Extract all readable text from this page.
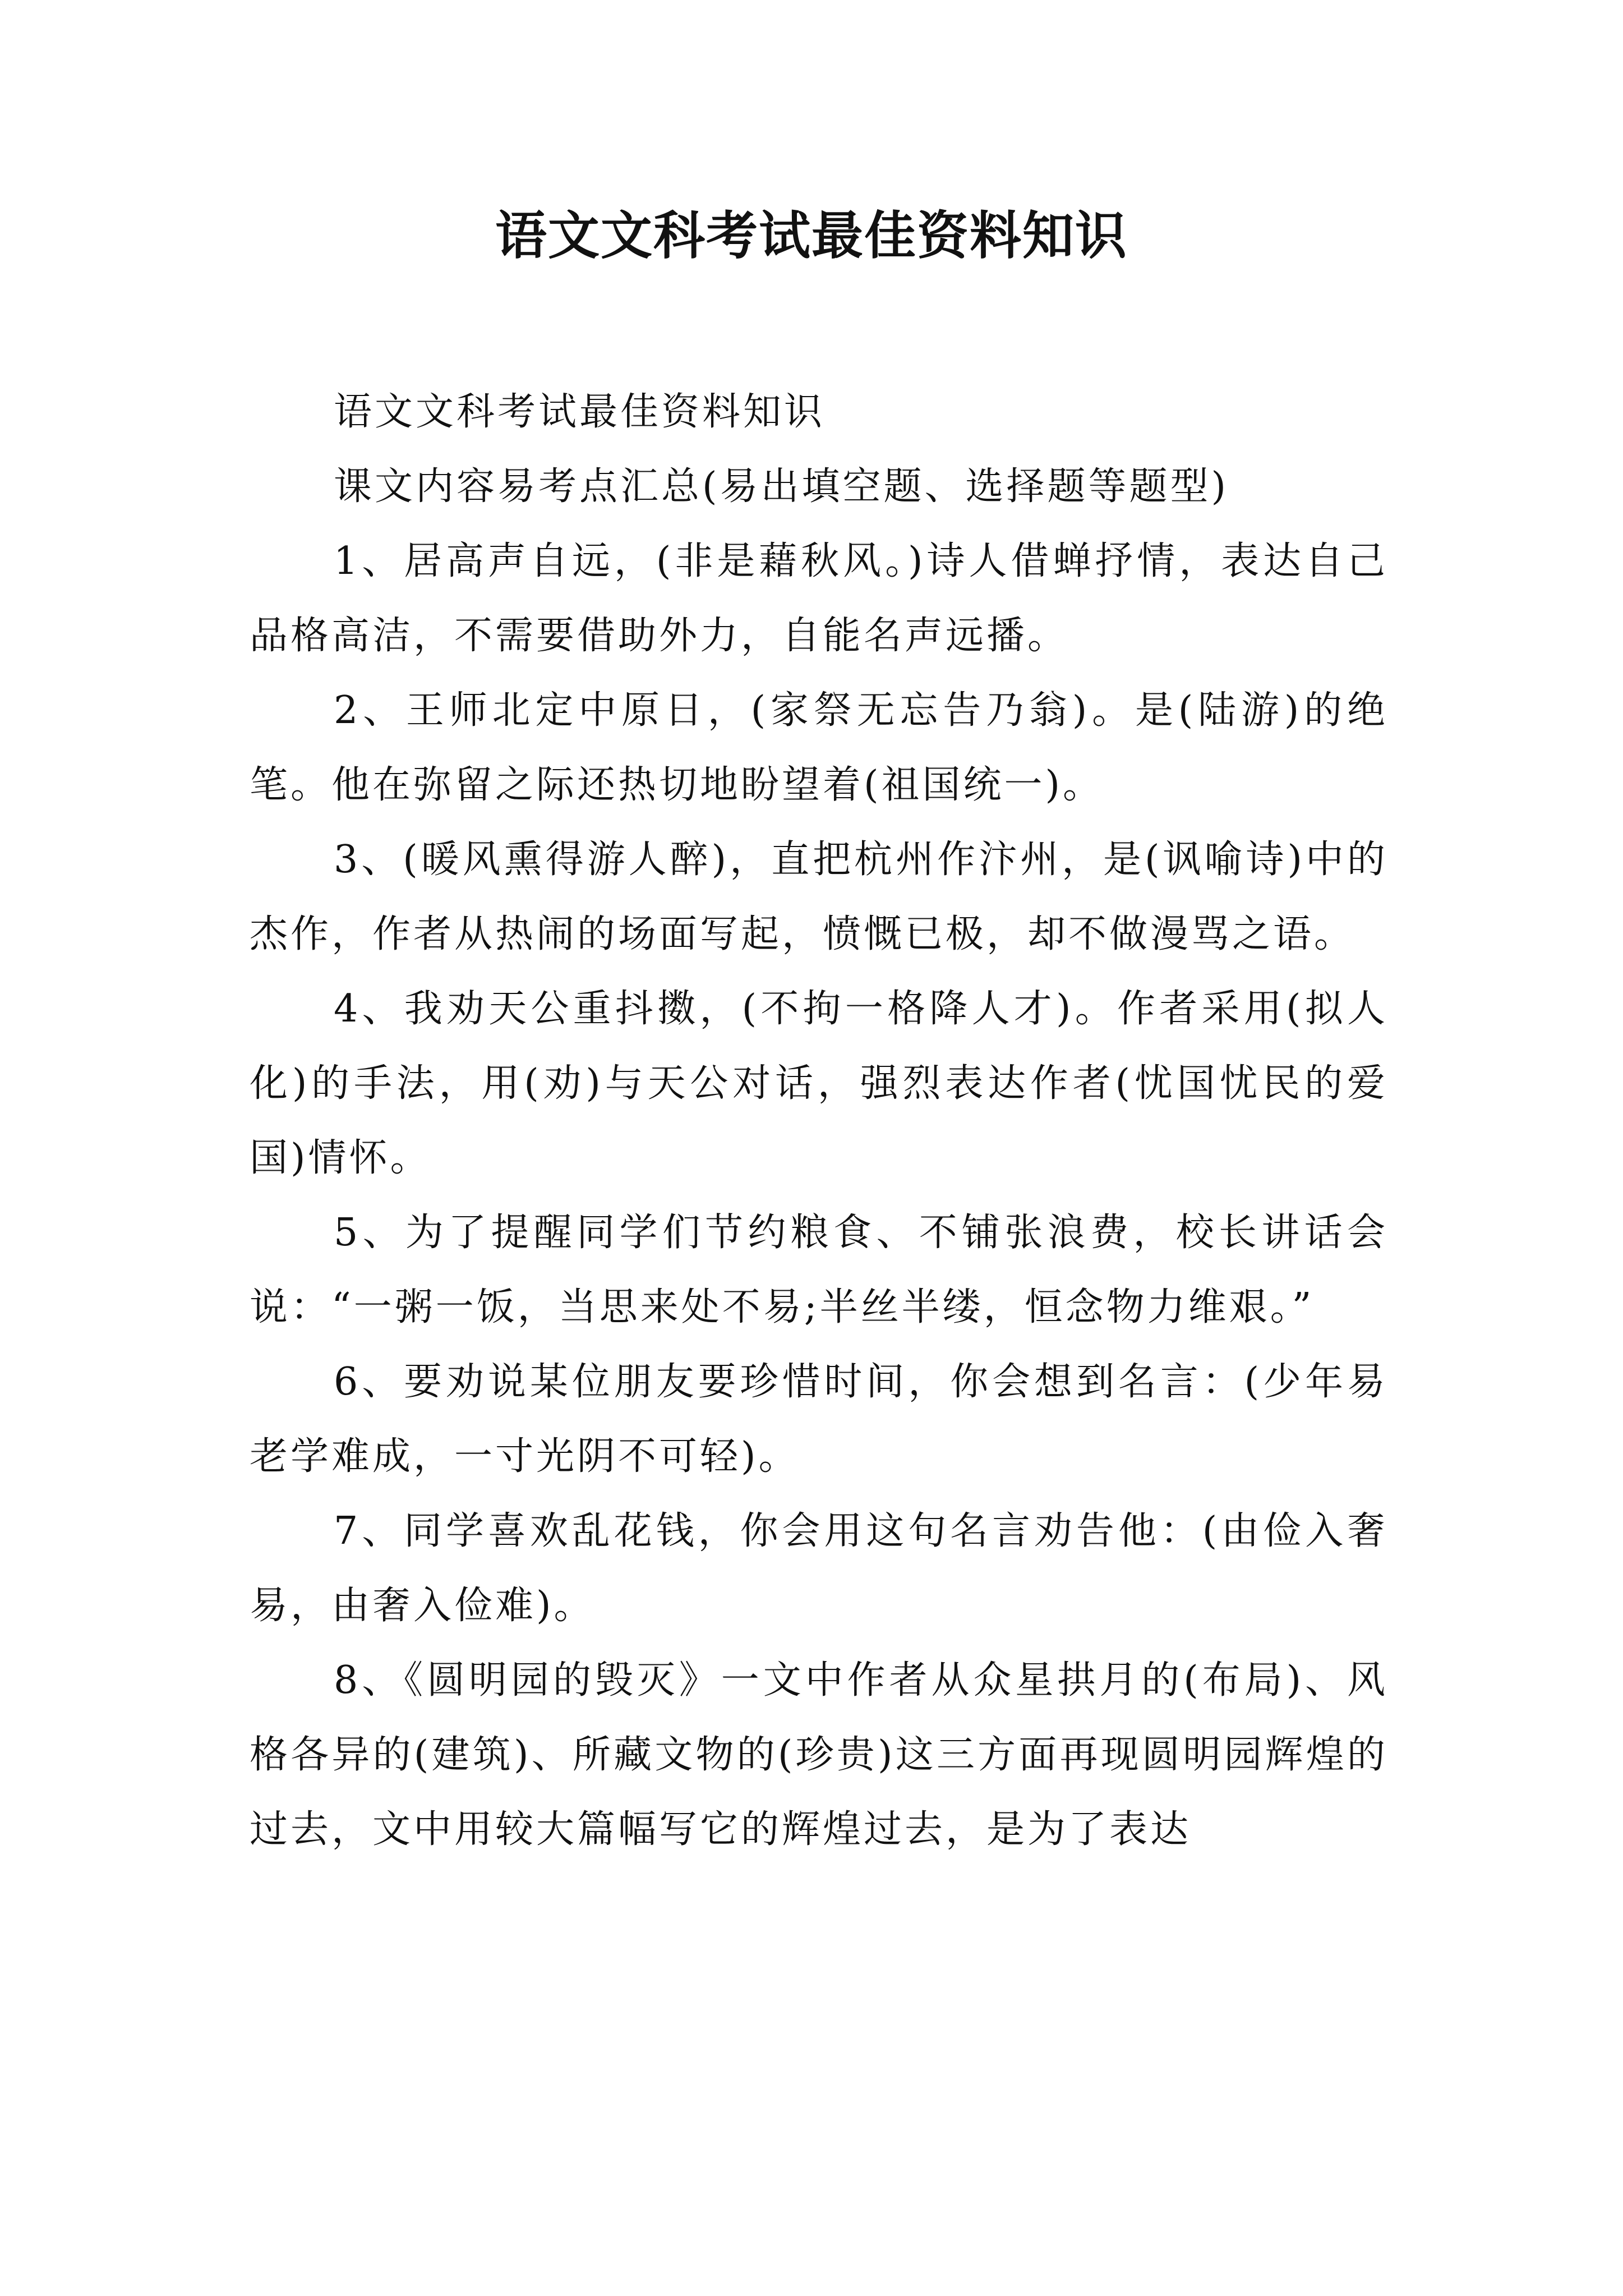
语文文科考试最佳资料知识

语文文科考试最佳资料知识

课文内容易考点汇总(易出填空题、选择题等题型)

1、居高声自远，(非是藉秋风。)诗人借蝉抒情，表达自己品格高洁，不需要借助外力，自能名声远播。

2、王师北定中原日，(家祭无忘告乃翁)。是(陆游)的绝笔。他在弥留之际还热切地盼望着(祖国统一)。

3、(暖风熏得游人醉)，直把杭州作汴州，是(讽喻诗)中的杰作，作者从热闹的场面写起，愤慨已极，却不做漫骂之语。

4、我劝天公重抖擞，(不拘一格降人才)。作者采用(拟人化)的手法，用(劝)与天公对话，强烈表达作者(忧国忧民的爱国)情怀。

5、为了提醒同学们节约粮食、不铺张浪费，校长讲话会说：“一粥一饭，当思来处不易;半丝半缕，恒念物力维艰。”

6、要劝说某位朋友要珍惜时间，你会想到名言：(少年易老学难成，一寸光阴不可轻)。

7、同学喜欢乱花钱，你会用这句名言劝告他：(由俭入奢易，由奢入俭难)。

8、《圆明园的毁灭》一文中作者从众星拱月的(布局)、风格各异的(建筑)、所藏文物的(珍贵)这三方面再现圆明园辉煌的过去，文中用较大篇幅写它的辉煌过去，是为了表达
